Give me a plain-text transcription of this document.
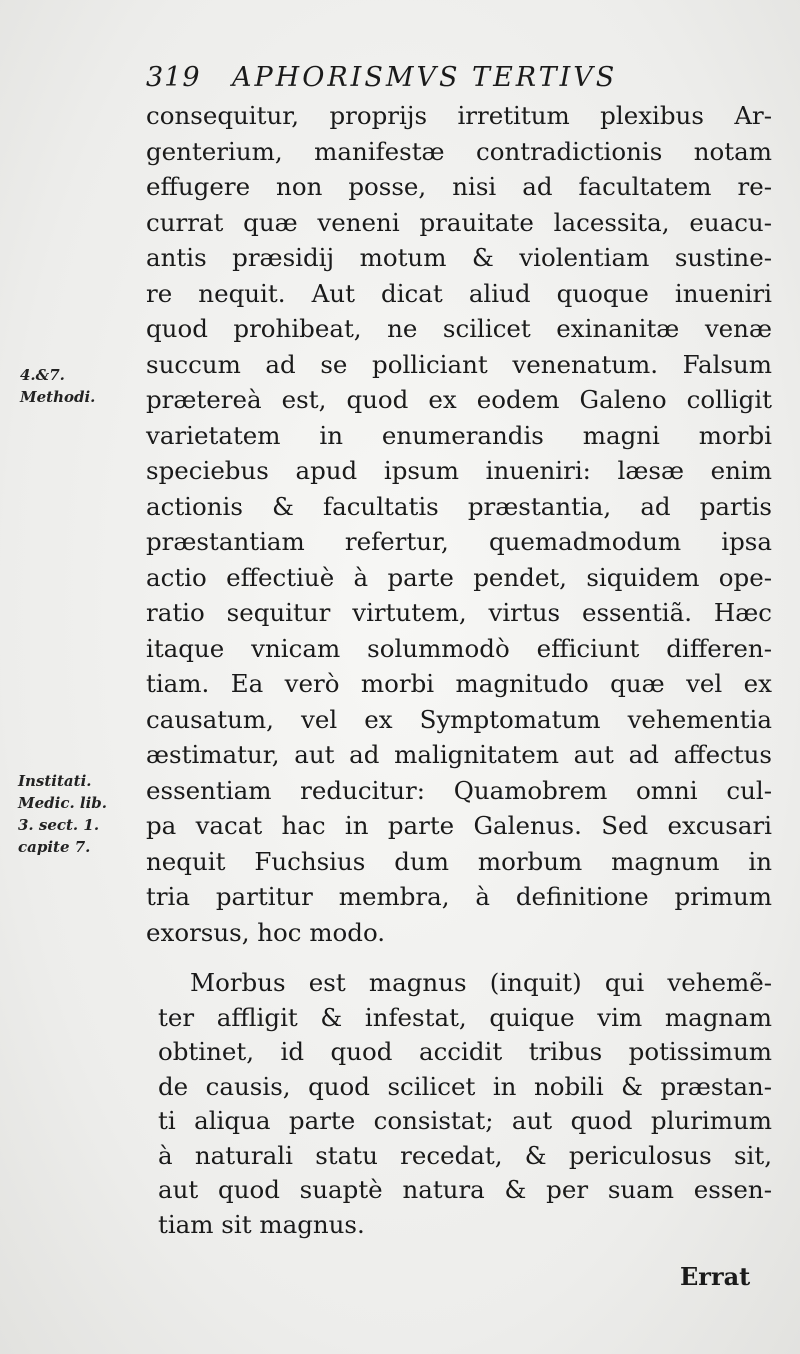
319 APHORISMVS TERTIVS
4.&7.
Methodi.
Institati.
Medic. lib.
3. sect. 1.
capite 7.
consequitur, proprijs irretitum plexibus Ar-
genterium, manifestæ contradictionis notam
effugere non posse, nisi ad facultatem re-
currat quæ veneni prauitate lacessita, euacu-
antis præsidij motum & violentiam sustine-
re nequit. Aut dicat aliud quoque inueniri
quod prohibeat, ne scilicet exinanitæ venæ
succum ad se polliciant venenatum. Falsum
prætereà est, quod ex eodem Galeno colligit
varietatem in enumerandis magni morbi
speciebus apud ipsum inueniri: læsæ enim
actionis & facultatis præstantia, ad partis
præstantiam refertur, quemadmodum ipsa
actio effectiuè à parte pendet, siquidem ope-
ratio sequitur virtutem, virtus essentiã. Hæc
itaque vnicam solummodò efficiunt differen-
tiam. Ea verò morbi magnitudo quæ vel ex
causatum, vel ex Symptomatum vehementia
æstimatur, aut ad malignitatem aut ad affectus
essentiam reducitur: Quamobrem omni cul-
pa vacat hac in parte Galenus. Sed excusari
nequit Fuchsius dum morbum magnum in
tria partitur membra, à definitione primum
exorsus, hoc modo.
Morbus est magnus (inquit) qui vehemẽ-
ter affligit & infestat, quique vim magnam
obtinet, id quod accidit tribus potissimum
de causis, quod scilicet in nobili & præstan-
ti aliqua parte consistat; aut quod plurimum
à naturali statu recedat, & periculosus sit,
aut quod suaptè natura & per suam essen-
tiam sit magnus.
Errat
